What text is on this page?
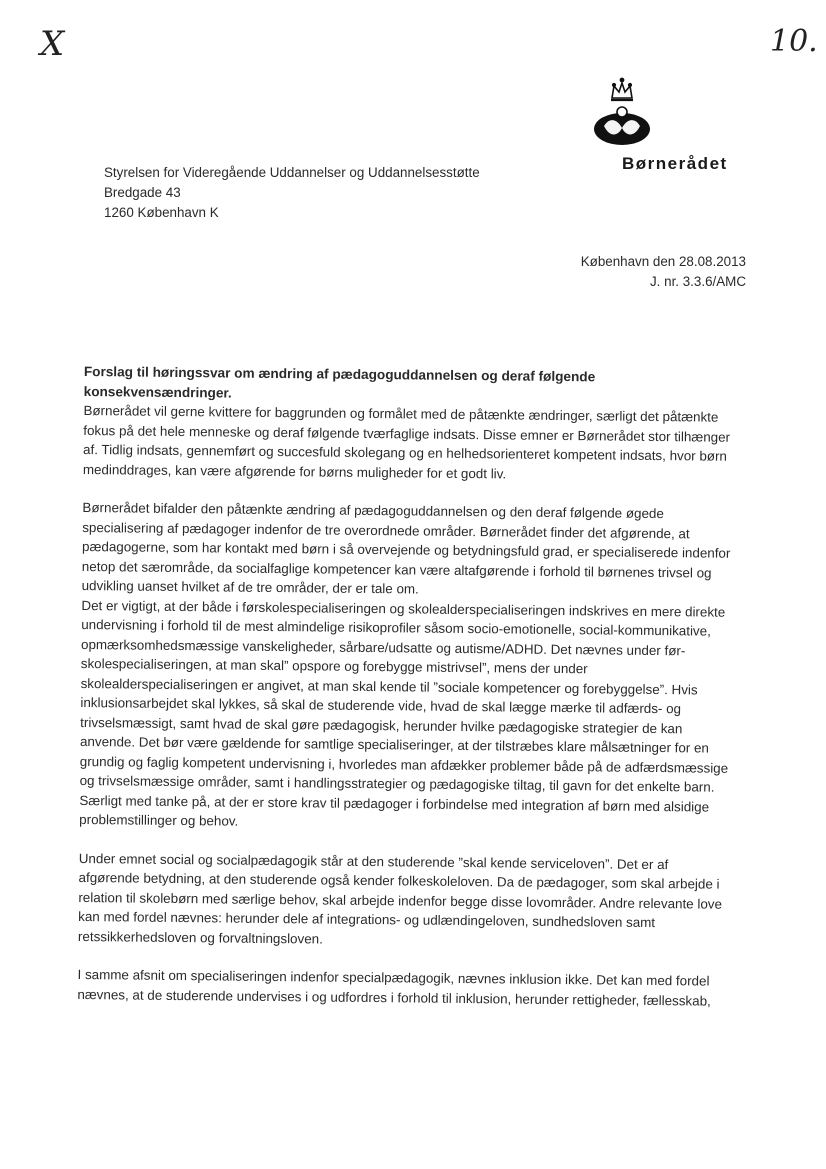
X	10.
Børnerådet
Styrelsen for Videregående Uddannelser og Uddannelsesstøtte
Bredgade 43
1260 København K
København den 28.08.2013
J. nr. 3.3.6/AMC

Forslag til høringssvar om ændring af pædagoguddannelsen og deraf følgende konsekvensændringer.

Børnerådet vil gerne kvittere for baggrunden og formålet med de påtænkte ændringer, særligt det påtænkte fokus på det hele menneske og deraf følgende tværfaglige indsats. Disse emner er Børnerådet stor tilhænger af. Tidlig indsats, gennemført og succesfuld skolegang og en helhedsorienteret kompetent indsats, hvor børn medinddrages, kan være afgørende for børns muligheder for et godt liv.

Børnerådet bifalder den påtænkte ændring af pædagoguddannelsen og den deraf følgende øgede specialisering af pædagoger indenfor de tre overordnede områder. Børnerådet finder det afgørende, at pædagogerne, som har kontakt med børn i så overvejende og betydningsfuld grad, er specialiserede indenfor netop det særområde, da socialfaglige kompetencer kan være altafgørende i forhold til børnenes trivsel og udvikling uanset hvilket af de tre områder, der er tale om.

Det er vigtigt, at der både i førskolespecialiseringen og skolealderspecialiseringen indskrives en mere direkte undervisning i forhold til de mest almindelige risikoprofiler såsom socio-emotionelle, social-kommunikative, opmærksomhedsmæssige vanskeligheder, sårbare/udsatte og autisme/ADHD. Det nævnes under før-skolespecialiseringen, at man skal” opspore og forebygge mistrivsel”, mens der under skolealderspecialiseringen er angivet, at man skal kende til ”sociale kompetencer og forebyggelse”. Hvis inklusionsarbejdet skal lykkes, så skal de studerende vide, hvad de skal lægge mærke til adfærds- og trivselsmæssigt, samt hvad de skal gøre pædagogisk, herunder hvilke pædagogiske strategier de kan anvende. Det bør være gældende for samtlige specialiseringer, at der tilstræbes klare målsætninger for en grundig og faglig kompetent undervisning i, hvorledes man afdækker problemer både på de adfærdsmæssige og trivselsmæssige områder, samt i handlingsstrategier og pædagogiske tiltag, til gavn for det enkelte barn. Særligt med tanke på, at der er store krav til pædagoger i forbindelse med integration af børn med alsidige problemstillinger og behov.

Under emnet social og socialpædagogik står at den studerende ”skal kende serviceloven”. Det er af afgørende betydning, at den studerende også kender folkeskoleloven. Da de pædagoger, som skal arbejde i relation til skolebørn med særlige behov, skal arbejde indenfor begge disse lovområder. Andre relevante love kan med fordel nævnes: herunder dele af integrations- og udlændingeloven, sundhedsloven samt retssikkerhedsloven og forvaltningsloven.

I samme afsnit om specialiseringen indenfor specialpædagogik, nævnes inklusion ikke. Det kan med fordel nævnes, at de studerende undervises i og udfordres i forhold til inklusion, herunder rettigheder, fællesskab,
